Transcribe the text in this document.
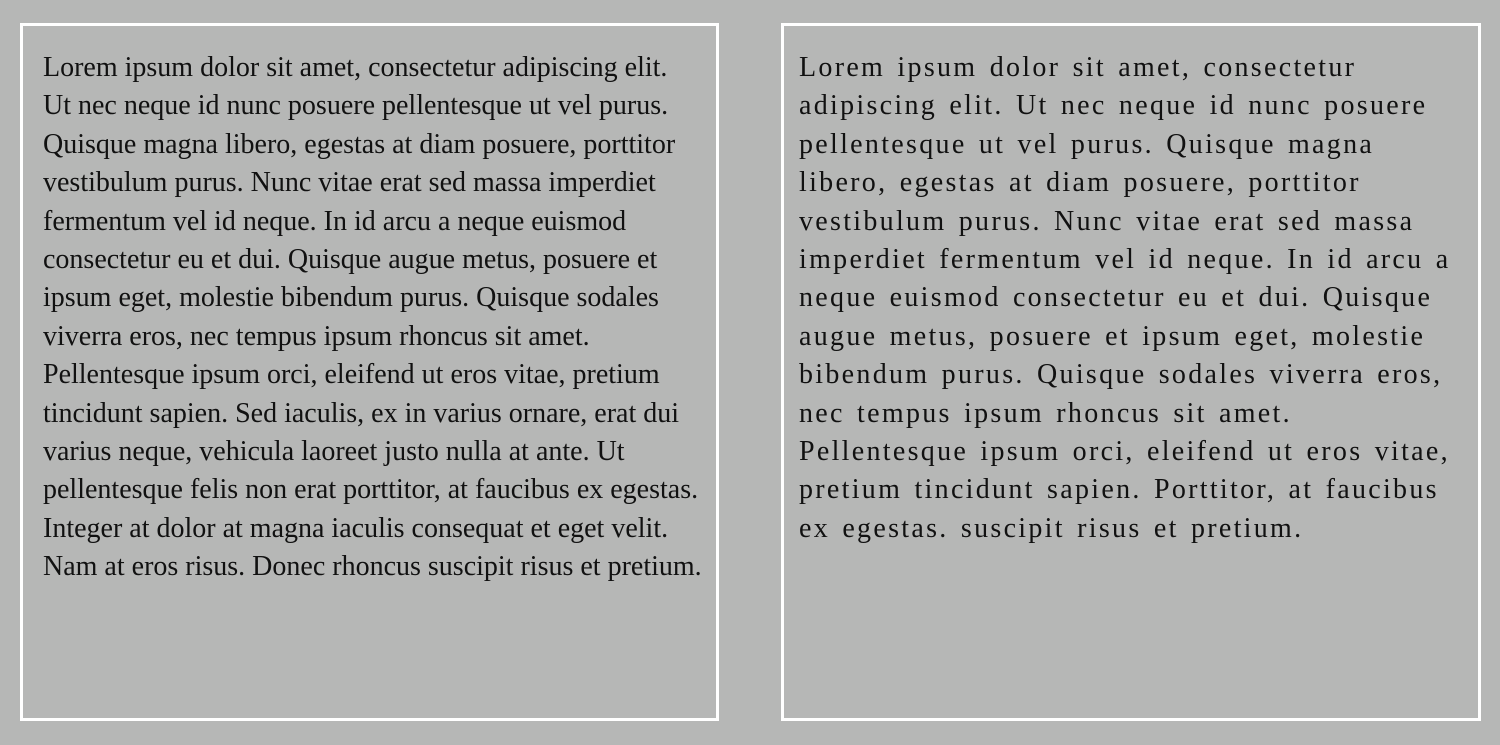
Lorem ipsum dolor sit amet, consectetur adipiscing elit. Ut nec neque id nunc posuere pellentesque ut vel purus. Quisque magna libero, egestas at diam posuere, porttitor vestibulum purus. Nunc vitae erat sed massa imperdiet fermentum vel id neque. In id arcu a neque euismod consectetur eu et dui. Quisque augue metus, posuere et ipsum eget, molestie bibendum purus. Quisque sodales viverra eros, nec tempus ipsum rhoncus sit amet. Pellentesque ipsum orci, eleifend ut eros vitae, pretium tincidunt sapien. Sed iaculis, ex in varius ornare, erat dui varius neque, vehicula laoreet justo nulla at ante. Ut pellentesque felis non erat porttitor, at faucibus ex egestas. Integer at dolor at magna iaculis consequat et eget velit. Nam at eros risus. Donec rhoncus suscipit risus et pretium.

Lorem ipsum dolor sit amet, consectetur adipiscing elit. Ut nec neque id nunc posuere pellentesque ut vel purus. Quisque magna libero, egestas at diam posuere, porttitor vestibulum purus. Nunc vitae erat sed massa imperdiet fermentum vel id neque. In id arcu a neque euismod consectetur eu et dui. Quisque augue metus, posuere et ipsum eget, molestie bibendum purus. Quisque sodales viverra eros, nec tempus ipsum rhoncus sit amet. Pellentesque ipsum orci, eleifend ut eros vitae, pretium tincidunt sapien. Porttitor, at faucibus ex egestas. suscipit risus et pretium.
